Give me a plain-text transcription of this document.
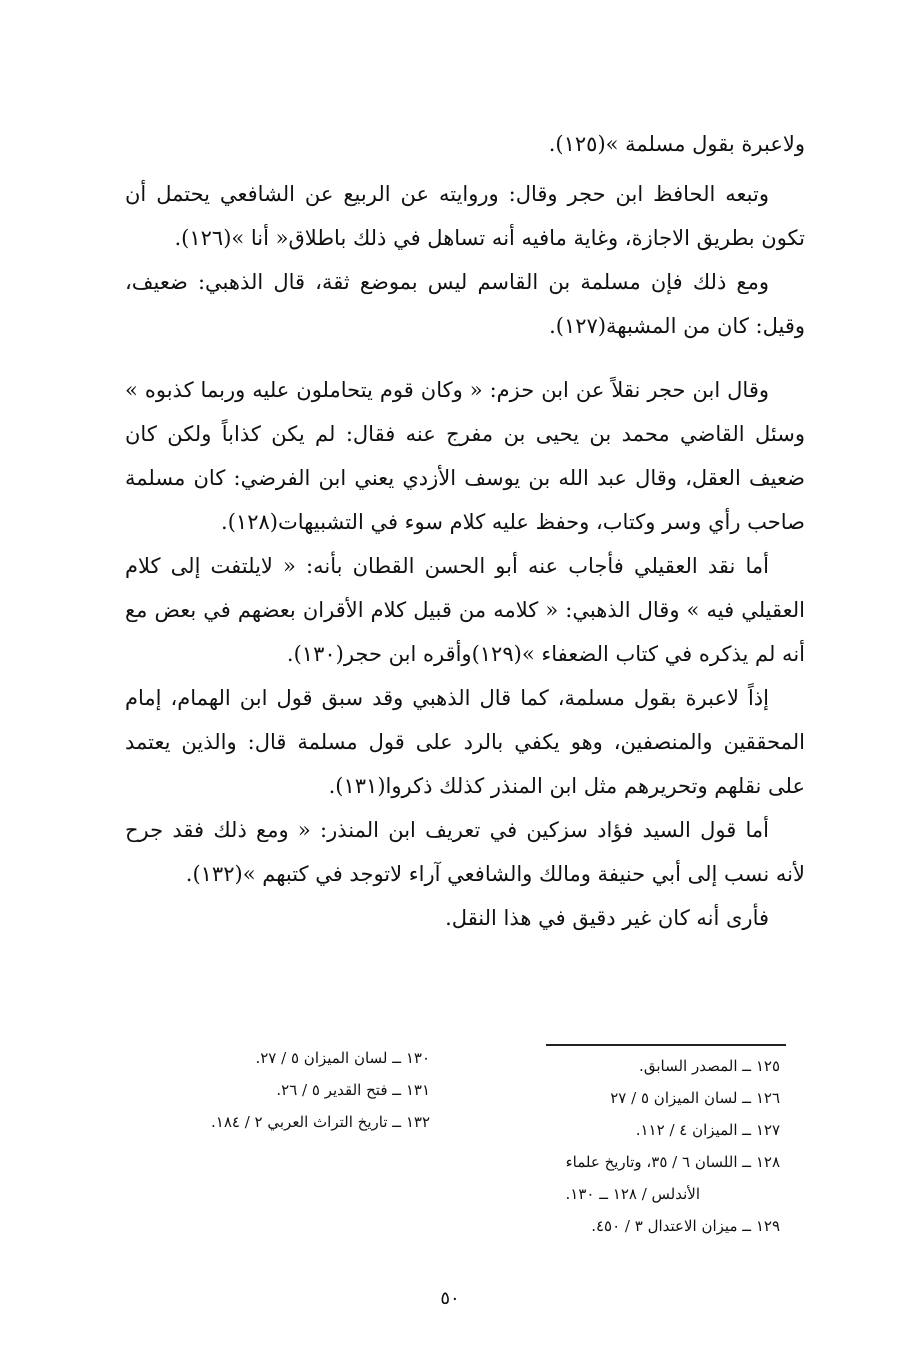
ولاعبرة بقول مسلمة »(١٢٥).

وتبعه الحافظ ابن حجر وقال: وروايته عن الربيع عن الشافعي يحتمل أن تكون بطريق الاجازة، وغاية مافيه أنه تساهل في ذلك باطلاق« أنا »(١٢٦).

ومع ذلك فإن مسلمة بن القاسم ليس بموضع ثقة، قال الذهبي: ضعيف، وقيل: كان من المشبهة(١٢٧).

وقال ابن حجر نقلاً عن ابن حزم: « وكان قوم يتحاملون عليه وربما كذبوه » وسئل القاضي محمد بن يحيى بن مفرج عنه فقال: لم يكن كذاباً ولكن كان ضعيف العقل، وقال عبد الله بن يوسف الأزدي يعني ابن الفرضي: كان مسلمة صاحب رأي وسر وكتاب، وحفظ عليه كلام سوء في التشبيهات(١٢٨).

أما نقد العقيلي فأجاب عنه أبو الحسن القطان بأنه: « لايلتفت إلى كلام العقيلي فيه » وقال الذهبي: « كلامه من قبيل كلام الأقران بعضهم في بعض مع أنه لم يذكره في كتاب الضعفاء »(١٢٩)وأقره ابن حجر(١٣٠).

إذاً لاعبرة بقول مسلمة، كما قال الذهبي وقد سبق قول ابن الهمام، إمام المحققين والمنصفين، وهو يكفي بالرد على قول مسلمة قال: والذين يعتمد على نقلهم وتحريرهم مثل ابن المنذر كذلك ذكروا(١٣١).

أما قول السيد فؤاد سزكين في تعريف ابن المنذر: « ومع ذلك فقد جرح لأنه نسب إلى أبي حنيفة ومالك والشافعي آراء لاتوجد في كتبهم »(١٣٢).

فأرى أنه كان غير دقيق في هذا النقل.

١٢٥ ــ المصدر السابق.
١٢٦ ــ لسان الميزان ٥ / ٢٧
١٢٧ ــ الميزان ٤ / ١١٢.
١٢٨ ــ اللسان ٦ / ٣٥، وتاريخ علماء
الأندلس / ١٢٨ ــ ١٣٠.
١٢٩ ــ ميزان الاعتدال ٣ / ٤٥٠.
١٣٠ ــ لسان الميزان ٥ / ٢٧.
١٣١ ــ فتح القدير ٥ / ٢٦.
١٣٢ ــ تاريخ التراث العربي ٢ / ١٨٤.
٥٠
